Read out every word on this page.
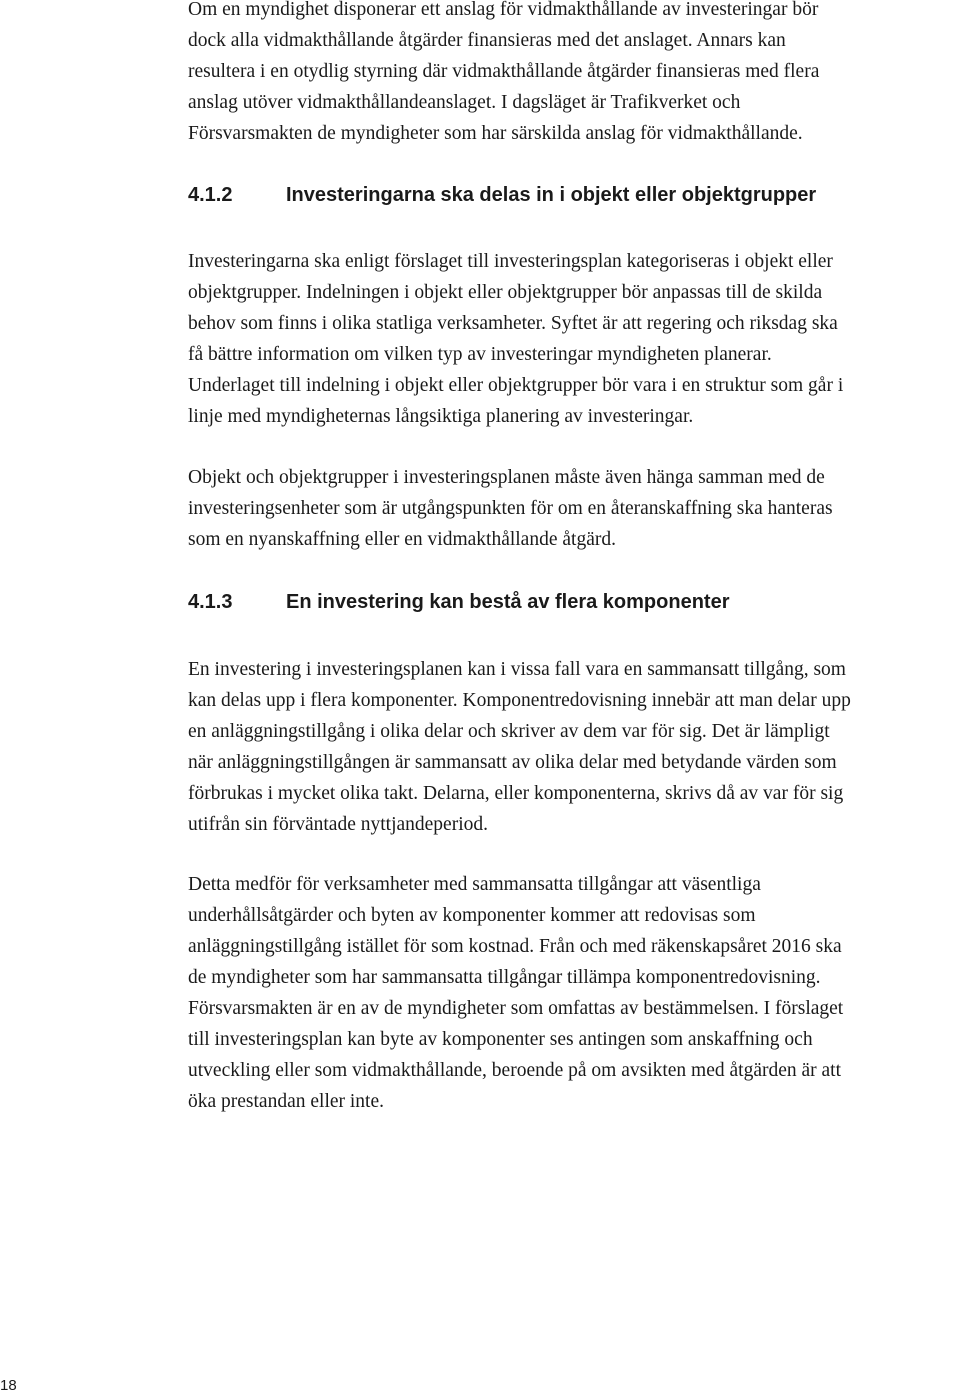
Om en myndighet disponerar ett anslag för vidmakthållande av investeringar bör
dock alla vidmakthållande åtgärder finansieras med det anslaget. Annars kan
resultera i en otydlig styrning där vidmakthållande åtgärder finansieras med flera
anslag utöver vidmakthållandeanslaget. I dagsläget är Trafikverket och
Försvarsmakten de myndigheter som har särskilda anslag för vidmakthållande.

4.1.2	Investeringarna ska delas in i objekt eller objektgrupper

Investeringarna ska enligt förslaget till investeringsplan kategoriseras i objekt eller
objektgrupper. Indelningen i objekt eller objektgrupper bör anpassas till de skilda
behov som finns i olika statliga verksamheter. Syftet är att regering och riksdag ska
få bättre information om vilken typ av investeringar myndigheten planerar.
Underlaget till indelning i objekt eller objektgrupper bör vara i en struktur som går i
linje med myndigheternas långsiktiga planering av investeringar.

Objekt och objektgrupper i investeringsplanen måste även hänga samman med de
investeringsenheter som är utgångspunkten för om en återanskaffning ska hanteras
som en nyanskaffning eller en vidmakthållande åtgärd.

4.1.3	En investering kan bestå av flera komponenter

En investering i investeringsplanen kan i vissa fall vara en sammansatt tillgång, som
kan delas upp i flera komponenter. Komponentredovisning innebär att man delar upp
en anläggningstillgång i olika delar och skriver av dem var för sig. Det är lämpligt
när anläggningstillgången är sammansatt av olika delar med betydande värden som
förbrukas i mycket olika takt. Delarna, eller komponenterna, skrivs då av var för sig
utifrån sin förväntade nyttjandeperiod.

Detta medför för verksamheter med sammansatta tillgångar att väsentliga
underhållsåtgärder och byten av komponenter kommer att redovisas som
anläggningstillgång istället för som kostnad. Från och med räkenskapsåret 2016 ska
de myndigheter som har sammansatta tillgångar tillämpa komponentredovisning.
Försvarsmakten är en av de myndigheter som omfattas av bestämmelsen. I förslaget
till investeringsplan kan byte av komponenter ses antingen som anskaffning och
utveckling eller som vidmakthållande, beroende på om avsikten med åtgärden är att
öka prestandan eller inte.

18
